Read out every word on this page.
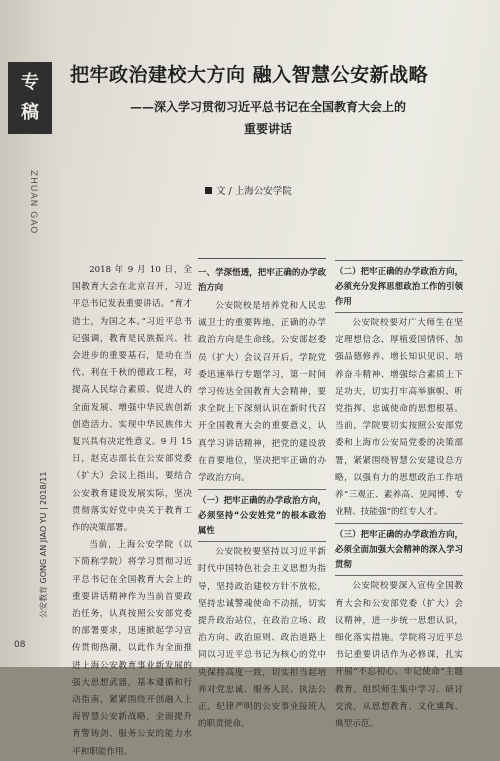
专
稿
ZHUAN GAO
把牢政治建校大方向 融入智慧公安新战略
——深入学习贯彻习近平总书记在全国教育大会上的
重要讲话
文 / 上海公安学院

2018 年 9 月 10 日，全国教育大会在北京召开，习近平总书记发表重要讲话。“育才造士，为国之本。”习近平总书记强调，教育是民族振兴、社会进步的重要基石，是功在当代、利在千秋的德政工程，对提高人民综合素质、促进人的全面发展、增强中华民族创新创造活力、实现中华民族伟大复兴具有决定性意义。9 月 15 日，赵克志部长在公安部党委（扩大）会议上指出，要结合公安教育建设发展实际，坚决贯彻落实好党中央关于教育工作的决策部署。

当前，上海公安学院（以下简称学院）将学习贯彻习近平总书记在全国教育大会上的重要讲话精神作为当前首要政治任务，认真按照公安部党委的部署要求，迅速掀起学习宣传贯彻热潮，以此作为全面推进上海公安教育事业新发展的强大思想武器，基本遵循和行动指南，紧紧围绕开创融入上海智慧公安新战略，全面提升育警铸剑、服务公安的能力水平和职能作用。

一、学深悟透，把牢正确的办学政治方向

公安院校是培养党和人民忠诚卫士的重要阵地，正确的办学政治方向是生命线。公安部赵委员（扩大）会议召开后，学院党委迅速举行专题学习，第一时间学习传达全国教育大会精神，要求全院上下深刻认识在新时代召开全国教育大会的重要意义，认真学习讲话精神，把党的建设放在首要地位，坚决把牢正确的办学政治方向。

（一）把牢正确的办学政治方向，必须坚持“公安姓党”的根本政治属性

公安院校要坚持以习近平新时代中国特色社会主义思想为指导，坚持政治建校方针不放松，坚持忠诚警魂使命不动摇，切实提升政治站位，在政治立场、政治方向、政治原则、政治道路上同以习近平总书记为核心的党中央保持高度一致，切实担当起培养对党忠诚、服务人民、执法公正、纪律严明的公安事业接班人的职责使命。

（二）把牢正确的办学政治方向，必须充分发挥思想政治工作的引领作用

公安院校要对广大师生在坚定理想信念、厚植爱国情怀、加强品德修养、增长知识见识、培养奋斗精神、增强综合素质上下足功夫，切实打牢高举旗帜、听党指挥、忠诚使命的思想根基。当前，学院要切实按照公安部党委和上海市公安局党委的决策部署，紧紧围绕智慧公安建设总方略，以强有力的思想政治工作培养“三观正、素养高、见闻博、专业精、技能强”的红专人才。

（三）把牢正确的办学政治方向，必须全面加强大会精神的深入学习贯彻

公安院校要深入宣传全国教育大会和公安部党委（扩大）会议精神，进一步统一思想认识，细化落实措施。学院将习近平总书记重要讲话作为必修课，扎实开展“不忘初心、牢记使命”主题教育，组织师生集中学习、研讨交流，从思想教育、文化熏陶、典型示范、

公安教育 GONG AN JIAO YU | 2018/11
08
